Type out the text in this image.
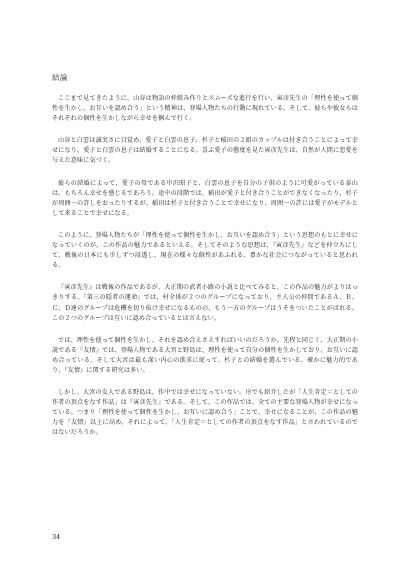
結論

ここまで見てきたように、山谷は物語の枠組み作りとスムーズな進行を行い、寅彦先生の「理性を使って個性を生かし、お互いを認め合う」という精神は、登場人物たちの行動に現れている。そして、彼らや彼女らはそれぞれの個性を生かしながら幸せを掴んで行く。

山谷と白雲は誠実さに目覚め、愛子と白雲の息子、杉子と稲田の２組のカップルは付き合うことによって幸せになり、愛子と白雲の息子は結婚することになる。喜ぶ愛子の態度を見た寅彦先生は、自然が人間に恋愛を与えた意味に気づく。

彼らの結婚によって、愛子の母である中沢昭子と、白雲の息子を自分の子供のように可愛がっている泰山は、もちろん幸せを感じるであろう。途中の段階では、稲田が愛子と付き合うことができなくなったり、杉子が周囲一の許しをおったりするが、稲田は杉子と付き合うことで幸せになり、周囲一の許には愛子がモデルとして来ることで幸せになる。

このように、登場人物たちが「理性を使って個性を生かし、お互いを認め合う」という思想のもとに幸せになっていくのが、この作品の魅力であるといえる。そしてそのような思想は、『寅彦先生』などを仲立ちにして、戦後の日本にも少しずつ浸透し、現在の様々な個性があふれる、豊かな社会につながっていると思われる。

『寅彦先生』は戦後の作品であるが、大正期の武者小路の小説と比べてみると、この作品の魅力がよりはっきりする。『第三の隠者の運命』では、村全体が２つのグループになっており、主人公の仲間であるＡ、Ｂ、Ｃ、Ｄ達のグループは危機を切り抜け幸せになるものの、もう一方のグループはうそをついたことがばれる。この２つのグループは互いに認め合っているとは言えない。

では、理性を使って個性を生かし、それを認め合えさえすればいいのだろうか。先程と同じく、大正期の小説である『友情』では、登場人物である大宮と野島は、理性を使って自分の個性を生かしており、お互いに認め合っている。そして大宮は最も深い内心の欲求に従って、杉子との結婚を選んでいる。確かに魅力的であり、『友情』に関する研究は多い。

しかし、大宮の友人である野島は、作中では幸せになっていない。序でも紹介したが「人生肯定＝としての作者の頂点をなす作品」は『寅彦先生』である。そして、この作品では、全ての主要な登場人物が幸せになっている。つまり「理性を使って個性を生かし、お互いに認め合う」ことで、幸せになることが、この作品の魅力を『友情』以上に高め、それによって、「人生肯定＝としての作者の頂点をなす作品」と言われているのではないだろうか。

34
